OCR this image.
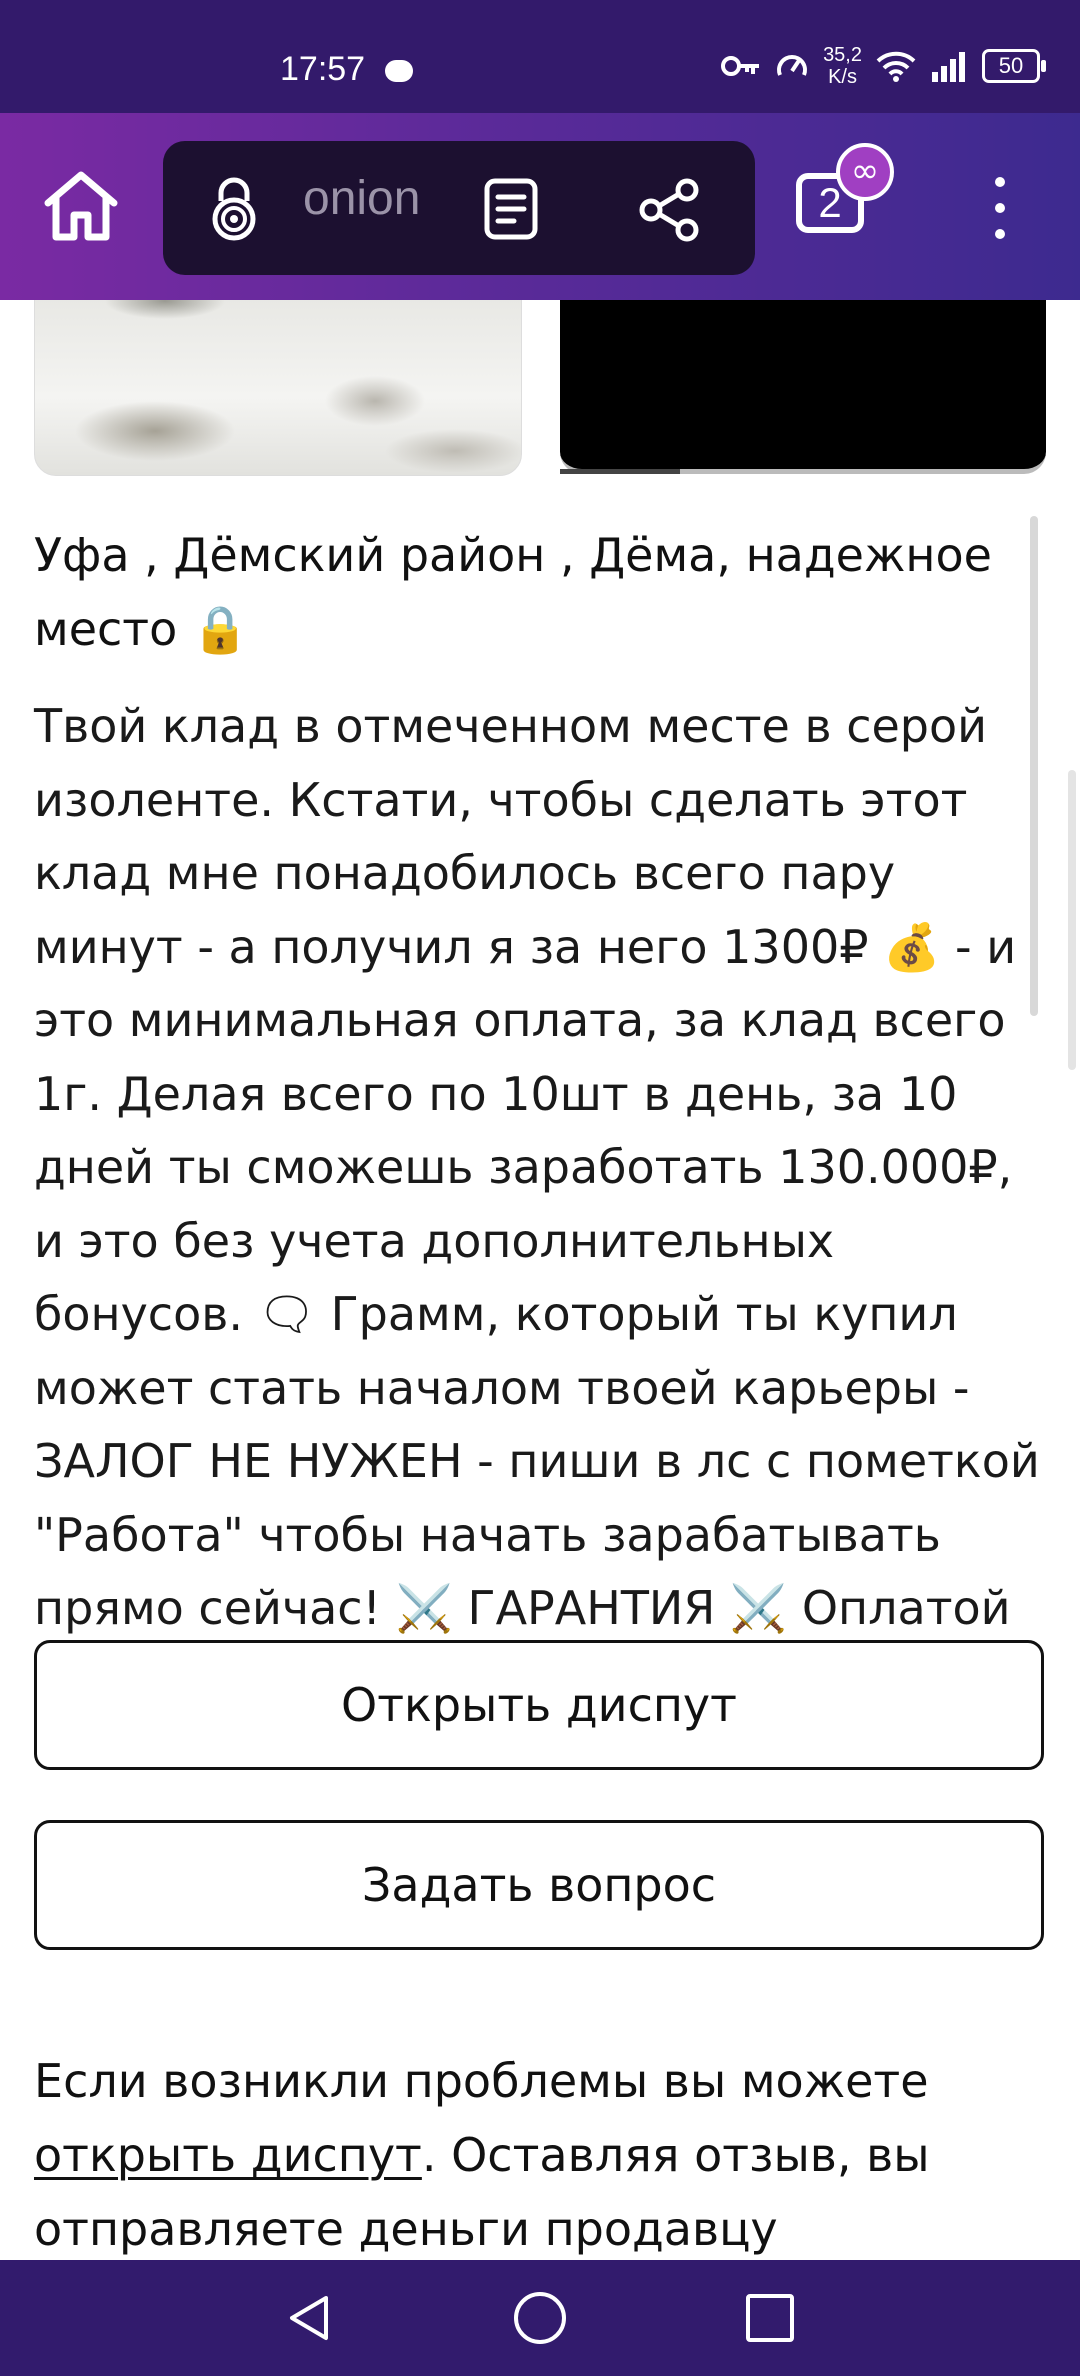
17:57	35,2
K/s	50
onion	2
∞
Уфа , Дёмский район , Дёма, надежное место 🔒
Твой клад в отмеченном месте в серой изоленте. Кстати, чтобы сделать этот клад мне понадобилось всего пару минут - а получил я за него 1300₽ 💰 - и это минимальная оплата, за клад всего 1г. Делая всего по 10шт в день, за 10 дней ты сможешь заработать 130.000₽, и это без учета дополнительных бонусов. 🗨 Грамм, который ты купил может стать началом твоей карьеры - ЗАЛОГ НЕ НУЖЕН - пиши в лс с пометкой "Работа" чтобы начать зарабатывать прямо сейчас! ⚔️ ГАРАНТИЯ ⚔️ Оплатой
Открыть диспут
Задать вопрос
Если возникли проблемы вы можете открыть диспут. Оставляя отзыв, вы отправляете деньги продавцу
